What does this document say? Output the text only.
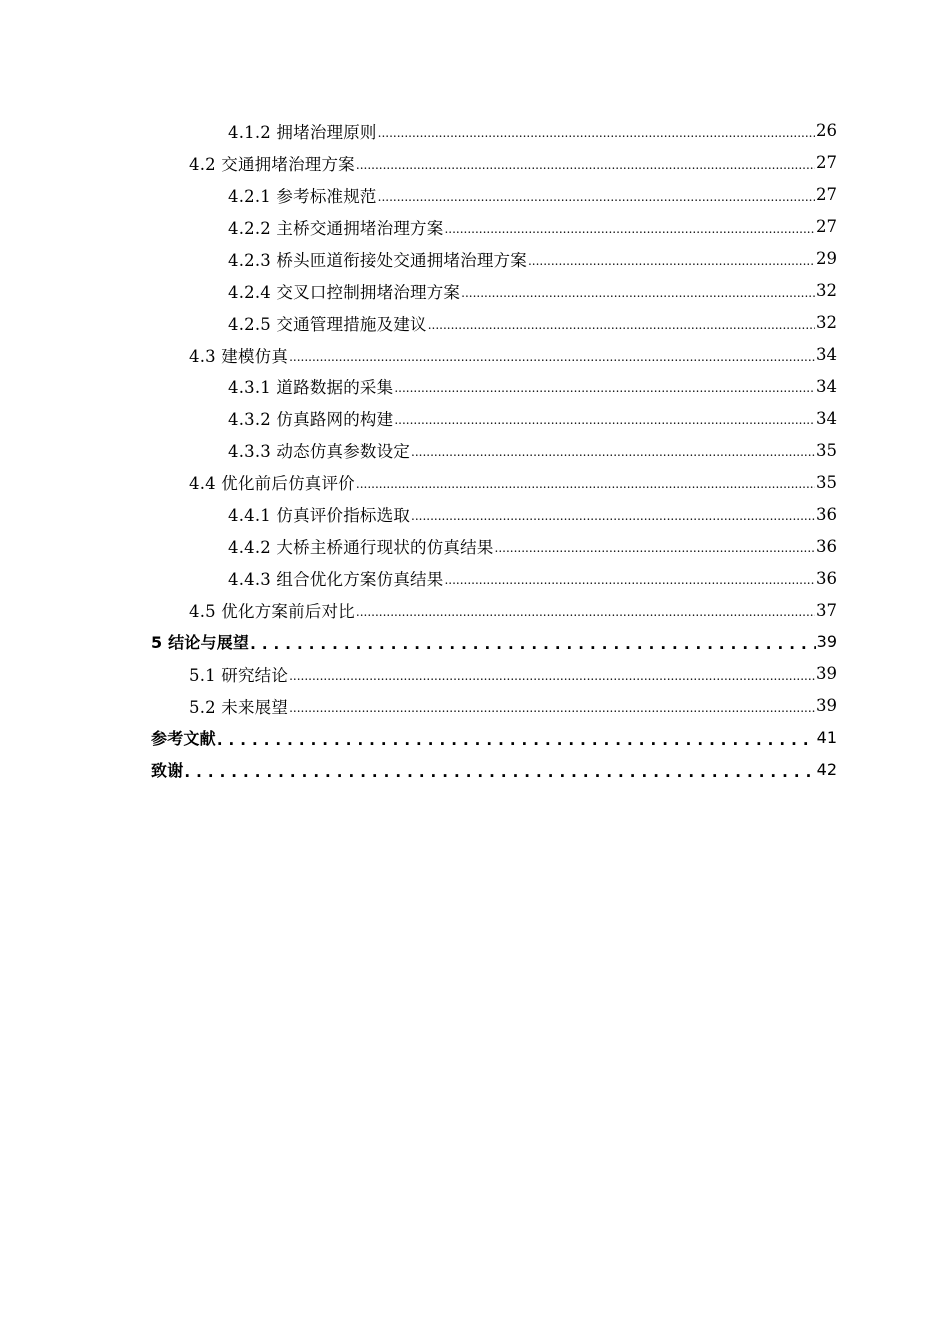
4.1.2 拥堵治理原则 .....	26
4.2 交通拥堵治理方案 .....	27
4.2.1 参考标准规范 .....	27
4.2.2 主桥交通拥堵治理方案 .....	27
4.2.3 桥头匝道衔接处交通拥堵治理方案 .....	29
4.2.4 交叉口控制拥堵治理方案 .....	32
4.2.5 交通管理措施及建议 .....	32
4.3 建模仿真 .....	34
4.3.1 道路数据的采集 .....	34
4.3.2 仿真路网的构建 .....	34
4.3.3 动态仿真参数设定 .....	35
4.4 优化前后仿真评价 .....	35
4.4.1 仿真评价指标选取 .....	36
4.4.2 大桥主桥通行现状的仿真结果 .....	36
4.4.3 组合优化方案仿真结果 .....	36
4.5 优化方案前后对比 .....	37
5 结论与展望 . . .	39
5.1 研究结论 .....	39
5.2 未来展望 .....	39
参考文献 . . .	41
致谢 . . .	42
